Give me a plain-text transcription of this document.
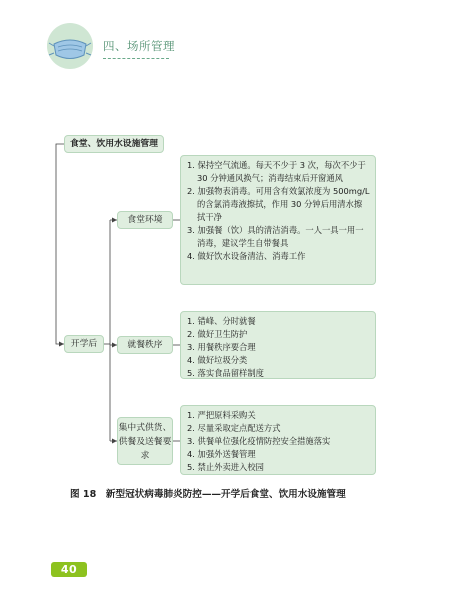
四、场所管理
食堂、饮用水设施管理
开学后
食堂环境
就餐秩序
集中式供货、供餐及送餐要求
1. 保持空气流通。每天不少于 3 次，每次不少于 30 分钟通风换气；消毒结束后开窗通风
2. 加强物表消毒。可用含有效氯浓度为 500mg/L 的含氯消毒液擦拭，作用 30 分钟后用清水擦拭干净
3. 加强餐（饮）具的清洁消毒。一人一具一用一消毒，建议学生自带餐具
4. 做好饮水设备清洁、消毒工作
1. 错峰、分时就餐
2. 做好卫生防护
3. 用餐秩序要合理
4. 做好垃圾分类
5. 落实食品留样制度
1. 严把原料采购关
2. 尽量采取定点配送方式
3. 供餐单位强化疫情防控安全措施落实
4. 加强外送餐管理
5. 禁止外卖进入校园
图 18　新型冠状病毒肺炎防控——开学后食堂、饮用水设施管理
40
